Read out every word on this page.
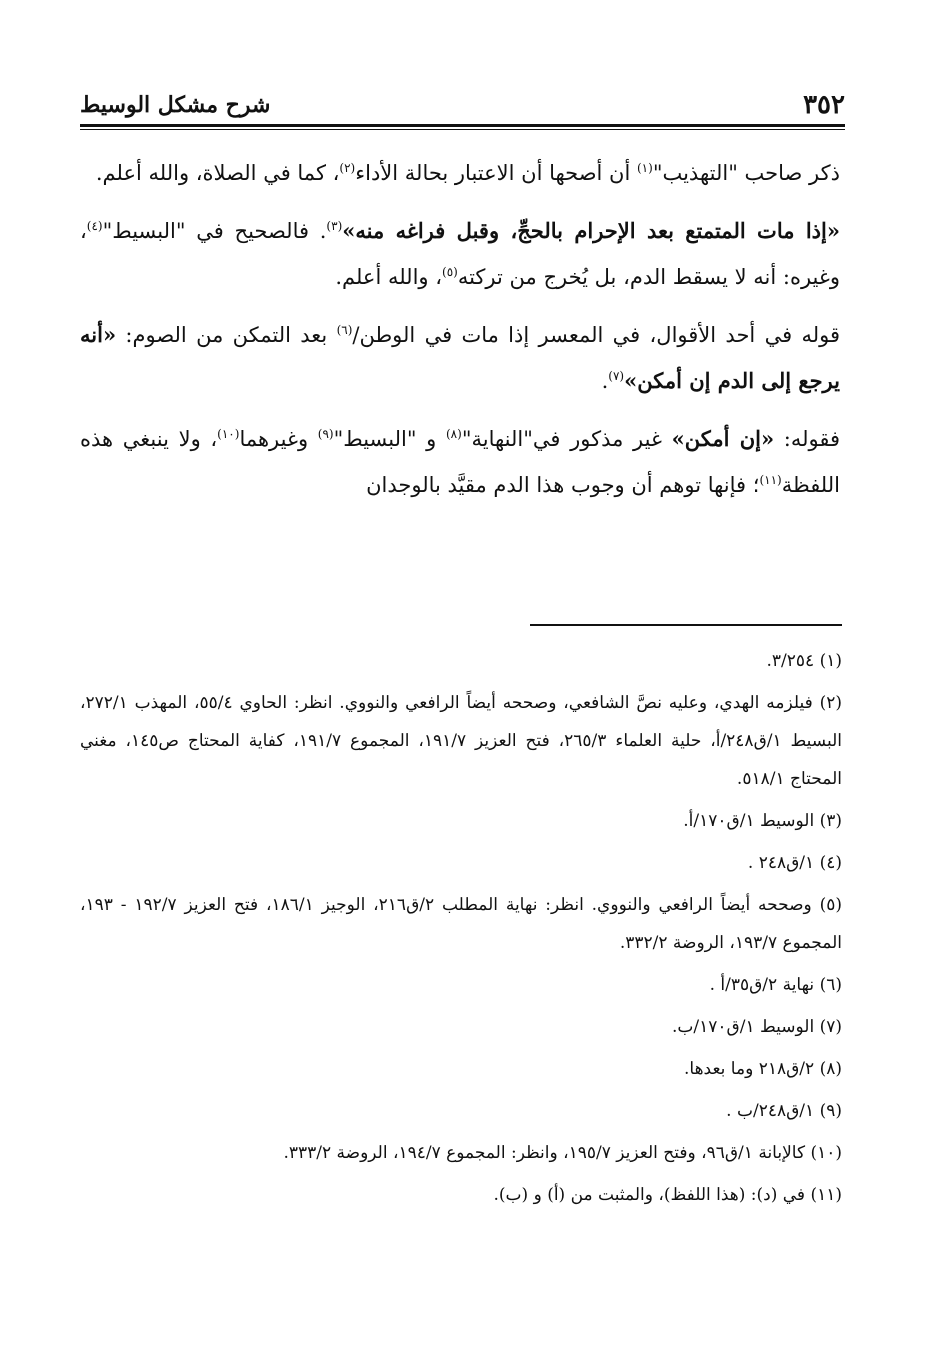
٣٥٢
شرح مشكل الوسيط

ذكر صاحب "التهذيب"$^{(١)}$ أن أصحها أن الاعتبار بحالة الأداء$^{(٢)}$، كما في الصلاة، والله أعلم.

«إذا مات المتمتع بعد الإحرام بالحجِّ، وقبل فراغه منه»$^{(٣)}$. فالصحيح في "البسيط"$^{(٤)}$، وغيره: أنه لا يسقط الدم، بل يُخرج من تركته$^{(٥)}$، والله أعلم.

قوله في أحد الأقوال، في المعسر إذا مات في الوطن/$^{(٦)}$ بعد التمكن من الصوم: «أنه يرجع إلى الدم إن أمكن»$^{(٧)}$.

فقوله: «إن أمكن» غير مذكور في"النهاية"$^{(٨)}$ و "البسيط"$^{(٩)}$ وغيرهما$^{(١٠)}$، ولا ينبغي هذه اللفظة$^{(١١)}$؛ فإنها توهم أن وجوب هذا الدم مقيَّد بالوجدان

(١) ٣/٢٥٤.

(٢) فيلزمه الهدي، وعليه نصَّ الشافعي، وصححه أيضاً الرافعي والنووي. انظر: الحاوي ٥٥/٤، المهذب ٢٧٢/١، البسيط ١/ق٢٤٨/أ، حلية العلماء ٢٦٥/٣، فتح العزيز ١٩١/٧، المجموع ١٩١/٧، كفاية المحتاج ص١٤٥، مغني المحتاج ٥١٨/١.

(٣) الوسيط ١/ق١٧٠/أ.

(٤) ١/ق٢٤٨ .

(٥) وصححه أيضاً الرافعي والنووي. انظر: نهاية المطلب ٢/ق٢١٦، الوجيز ١٨٦/١، فتح العزيز ١٩٢/٧ - ١٩٣، المجموع ١٩٣/٧، الروضة ٣٣٢/٢.

(٦) نهاية ٢/ق٣٥/أ .

(٧) الوسيط ١/ق١٧٠/ب.

(٨) ٢/ق٢١٨ وما بعدها.

(٩) ١/ق٢٤٨/ب .

(١٠) كالإبانة ١/ق٩٦، وفتح العزيز ١٩٥/٧، وانظر: المجموع ١٩٤/٧، الروضة ٣٣٣/٢.

(١١) في (د): (هذا اللفظ)، والمثبت من (أ) و (ب).
